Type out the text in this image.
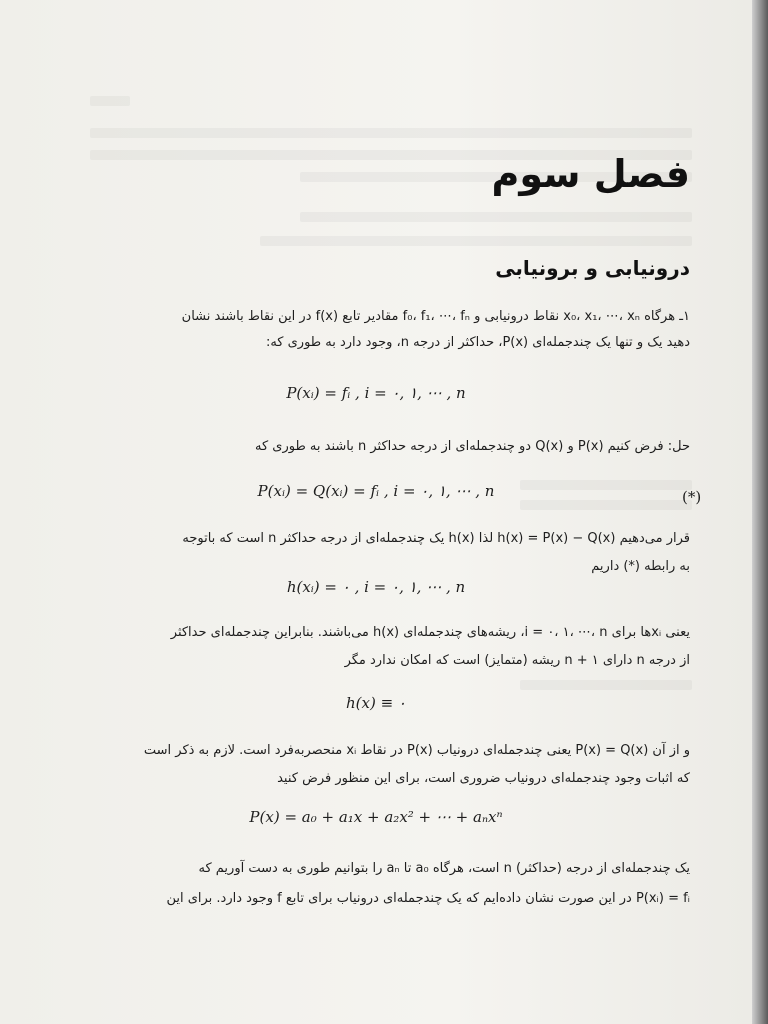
فصل سوم
درونیابی و برونیابی
۱ـ هرگاه x₀، x₁، ⋯، xₙ نقاط درونیابی و f₀، f₁، ⋯، fₙ مقادیر تابع f(x) در این نقاط باشند نشان
دهید یک و تنها یک چندجمله‌ای P(x)، حداکثر از درجه n، وجود دارد به طوری که:
P(xᵢ) = fᵢ , i = ۰, ۱, ⋯ , n
حل: فرض کنیم P(x) و Q(x) دو چندجمله‌ای از درجه حداکثر n باشند به طوری که
P(xᵢ) = Q(xᵢ) = fᵢ , i = ۰, ۱, ⋯ , n	(*)
قرار می‌دهیم h(x) = P(x) − Q(x) لذا h(x) یک چندجمله‌ای از درجه حداکثر n است که باتوجه
به رابطه (*) داریم
h(xᵢ) = ۰ , i = ۰, ۱, ⋯ , n
یعنی xᵢها برای i = ۰، ۱، ⋯، n، ریشه‌های چندجمله‌ای h(x) می‌باشند. بنابراین چندجمله‌ای حداکثر
از درجه n دارای n + ۱ ریشه (متمایز) است که امکان ندارد مگر
h(x) ≡ ۰
و از آن P(x) = Q(x) یعنی چندجمله‌ای درونیاب P(x) در نقاط xᵢ منحصربه‌فرد است. لازم به ذکر است
که اثبات وجود چندجمله‌ای درونیاب ضروری است، برای این منظور فرض کنید
P(x) = a₀ + a₁x + a₂x² + ⋯ + aₙxⁿ
یک چندجمله‌ای از درجه (حداکثر) n است، هرگاه a₀ تا aₙ را بتوانیم طوری به دست آوریم که
P(xᵢ) = fᵢ در این صورت نشان داده‌ایم که یک چندجمله‌ای درونیاب برای تابع f وجود دارد. برای این
